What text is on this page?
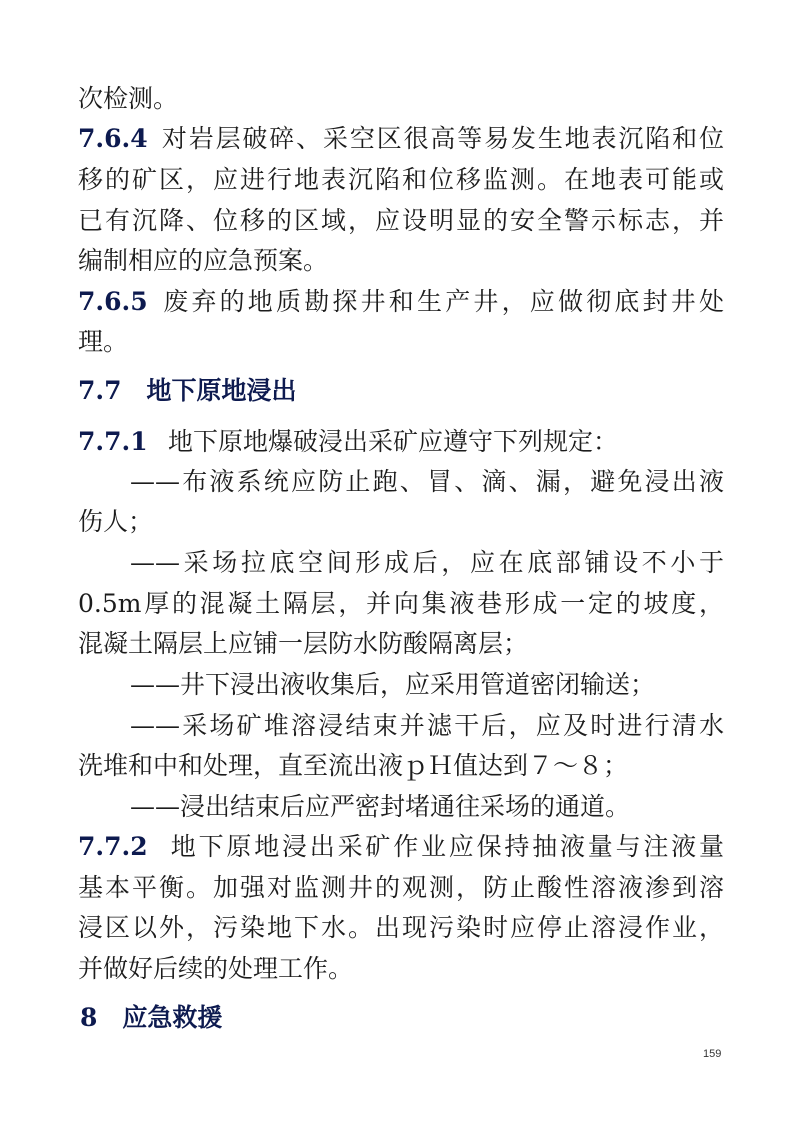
次检测。
7.6.4 对岩层破碎、采空区很高等易发生地表沉陷和位
移的矿区，应进行地表沉陷和位移监测。在地表可能或
已有沉降、位移的区域，应设明显的安全警示标志，并
编制相应的应急预案。
7.6.5 废弃的地质勘探井和生产井，应做彻底封井处
理。
7.7　地下原地浸出
7.7.1 地下原地爆破浸出采矿应遵守下列规定：
——布液系统应防止跑、冒、滴、漏，避免浸出液
伤人；
——采场拉底空间形成后，应在底部铺设不小于
0.5m厚的混凝土隔层，并向集液巷形成一定的坡度，
混凝土隔层上应铺一层防水防酸隔离层；
——井下浸出液收集后，应采用管道密闭输送；
——采场矿堆溶浸结束并滤干后，应及时进行清水
洗堆和中和处理，直至流出液ｐＨ值达到７～８；
——浸出结束后应严密封堵通往采场的通道。
7.7.2 地下原地浸出采矿作业应保持抽液量与注液量
基本平衡。加强对监测井的观测，防止酸性溶液渗到溶
浸区以外，污染地下水。出现污染时应停止溶浸作业，
并做好后续的处理工作。
8　应急救援
159
